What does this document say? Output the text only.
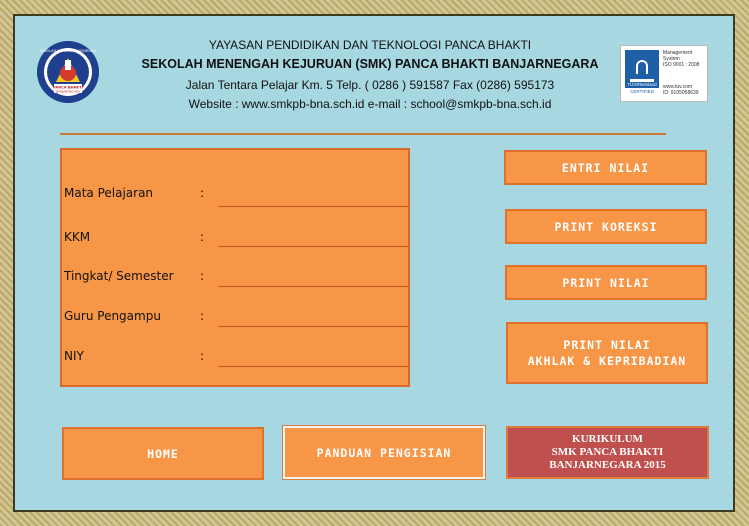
PANCA BHAKTI
BANJARNEGARA
SEKOLAH MENENGAH KEJURUAN	YAYASAN PENDIDIKAN DAN TEKNOLOGI PANCA BHAKTI
SEKOLAH MENENGAH KEJURUAN (SMK) PANCA BHAKTI BANJARNEGARA
Jalan Tentara Pelajar Km. 5 Telp. ( 0286 ) 591587 Fax (0286) 595173
Website : www.smkpb-bna.sch.id e-mail : school@smkpb-bna.sch.id
TÜVRheinland
CERTIFIED
Management
System
ISO 9001 : 2008
www.tuv.com
ID: 9105058639
Mata Pelajaran	:
KKM	:
Tingkat/ Semester :
Guru Pengampu	:
NIY	:
ENTRI NILAI
PRINT KOREKSI
PRINT NILAI
PRINT NILAI
AKHLAK & KEPRIBADIAN
HOME	PANDUAN PENGISIAN
KURIKULUM
SMK PANCA BHAKTI
BANJARNEGARA 2015
